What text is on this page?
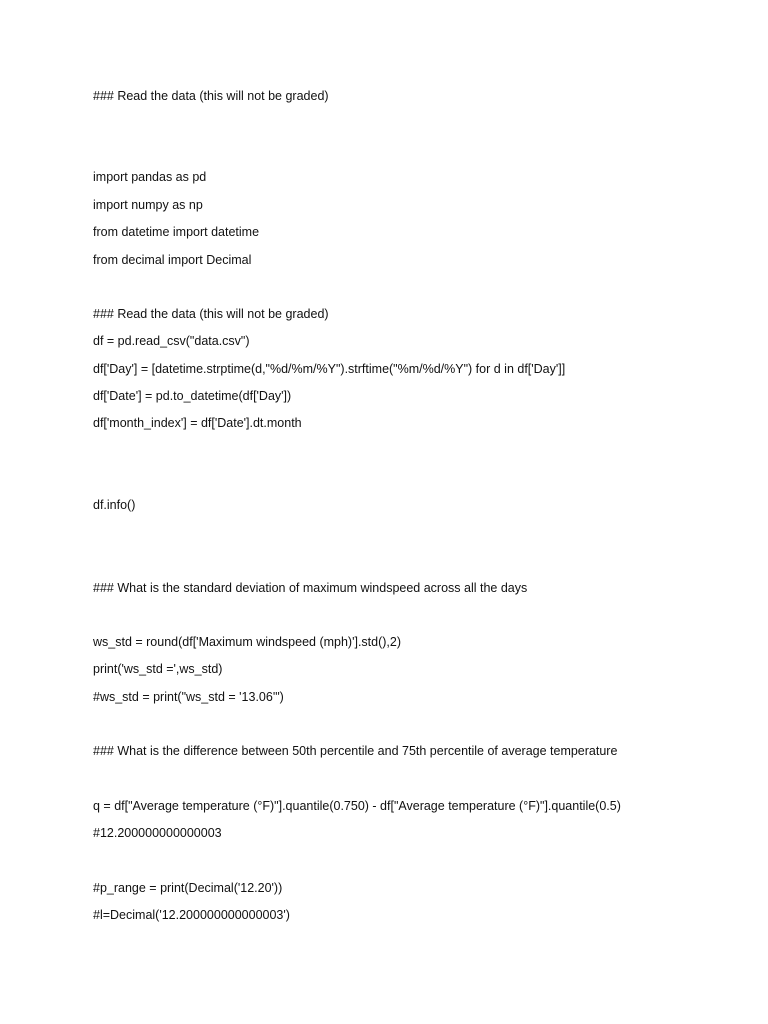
### Read the data (this will not be graded)
import pandas as pd
import numpy as np
from datetime import datetime
from decimal import Decimal
### Read the data (this will not be graded)
df = pd.read_csv("data.csv")
df['Day'] = [datetime.strptime(d,"%d/%m/%Y").strftime("%m/%d/%Y") for d in df['Day']]
df['Date'] = pd.to_datetime(df['Day'])
df['month_index'] = df['Date'].dt.month
df.info()
### What is the standard deviation of maximum windspeed across all the days
ws_std = round(df['Maximum windspeed (mph)'].std(),2)
print('ws_std =',ws_std)
#ws_std = print("ws_std = '13.06'")
### What is the difference between 50th percentile and 75th percentile of average temperature
q = df["Average temperature (°F)"].quantile(0.750) - df["Average temperature (°F)"].quantile(0.5)
#12.200000000000003
#p_range = print(Decimal('12.20'))
#l=Decimal('12.200000000000003')
